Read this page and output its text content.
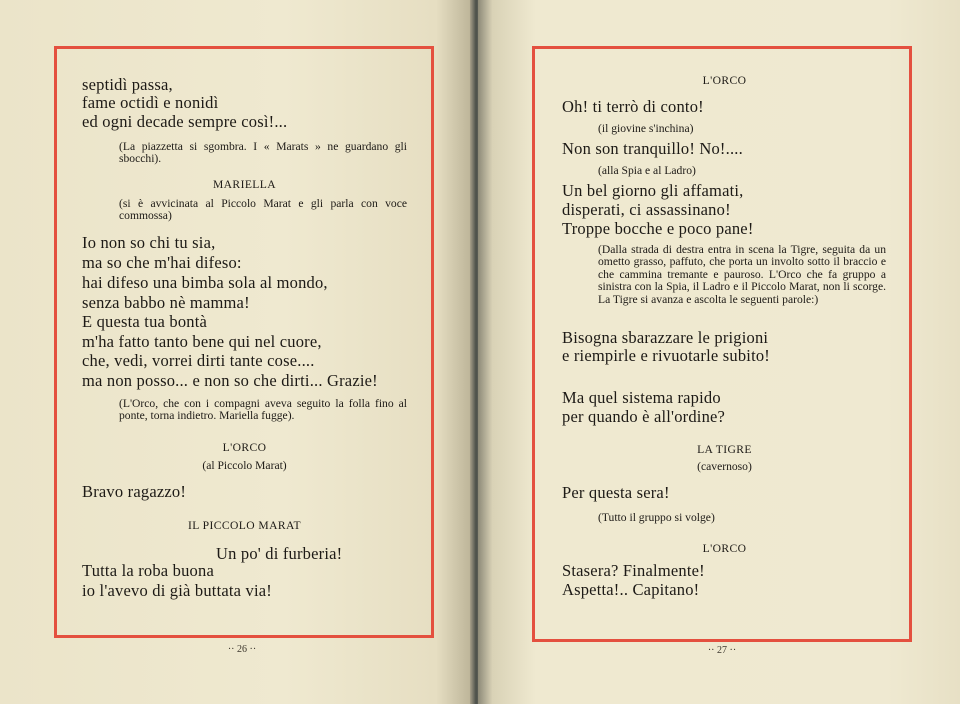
septidì passa,
fame octidì e nonidì
ed ogni decade sempre così!...
(La piazzetta si sgombra. I « Marats » ne guardano gli sbocchi).
MARIELLA
(si è avvicinata al Piccolo Marat e gli parla con voce commossa)
Io non so chi tu sia,
ma so che m'hai difeso:
hai difeso una bimba sola al mondo,
senza babbo nè mamma!
E questa tua bontà
m'ha fatto tanto bene qui nel cuore,
che, vedi, vorrei dirti tante cose....
ma non posso... e non so che dirti... Grazie!
(L'Orco, che con i compagni aveva seguito la folla fino al ponte, torna indietro. Mariella fugge).
L'ORCO
(al Piccolo Marat)
Bravo ragazzo!
IL PICCOLO MARAT
Un po' di furberia!
Tutta la roba buona
io l'avevo di già buttata via!
·· 26 ··
L'ORCO
Oh! ti terrò di conto!
(il giovine s'inchina)
Non son tranquillo! No!....
(alla Spia e al Ladro)
Un bel giorno gli affamati,
disperati, ci assassinano!
Troppe bocche e poco pane!
(Dalla strada di destra entra in scena la Tigre, seguita da un ometto grasso, paffuto, che porta un involto sotto il braccio e che cammina tremante e pauroso. L'Orco che fa gruppo a sinistra con la Spia, il Ladro e il Piccolo Marat, non li scorge. La Tigre si avanza e ascolta le seguenti parole:)
Bisogna sbarazzare le prigioni
e riempirle e rivuotarle subito!
Ma quel sistema rapido
per quando è all'ordine?
LA TIGRE
(cavernoso)
Per questa sera!
(Tutto il gruppo si volge)
L'ORCO
Stasera? Finalmente!
Aspetta!.. Capitano!
·· 27 ··
